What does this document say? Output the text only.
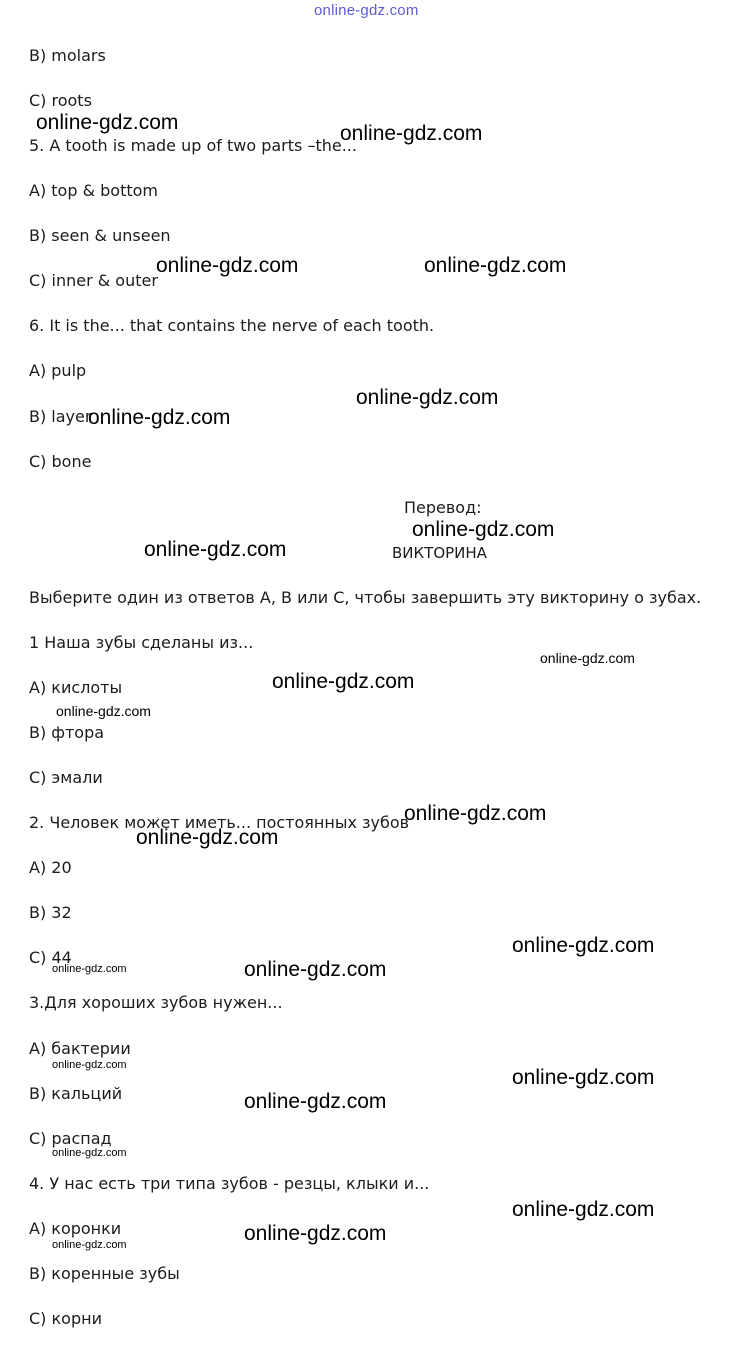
online-gdz.com
B) molars
C) roots
5. A tooth is made up of two parts –the...
A) top & bottom
B) seen & unseen
C) inner & outer
6. It is the... that contains the nerve of each tooth.
A) pulp
B) layer
C) bone
Перевод:
ВИКТОРИНА
Выберите один из ответов A, B или C, чтобы завершить эту викторину о зубах.
1 Наша зубы сделаны из...
A) кислоты
B) фтора
C) эмали
2. Человек может иметь... постоянных зубов
A) 20
B) 32
C) 44
3.Для хороших зубов нужен...
A) бактерии
B) кальций
C) распад
4. У нас есть три типа зубов - резцы, клыки и...
A) коронки
B) коренные зубы
C) корни
online-gdz.com	online-gdz.com
online-gdz.com	online-gdz.com
online-gdz.com
online-gdz.com
online-gdz.com
online-gdz.com
online-gdz.com
online-gdz.com
online-gdz.com
online-gdz.com
online-gdz.com
online-gdz.com
online-gdz.com
online-gdz.com
online-gdz.com
online-gdz.com
online-gdz.com
online-gdz.com
online-gdz.com
online-gdz.com
online-gdz.com
